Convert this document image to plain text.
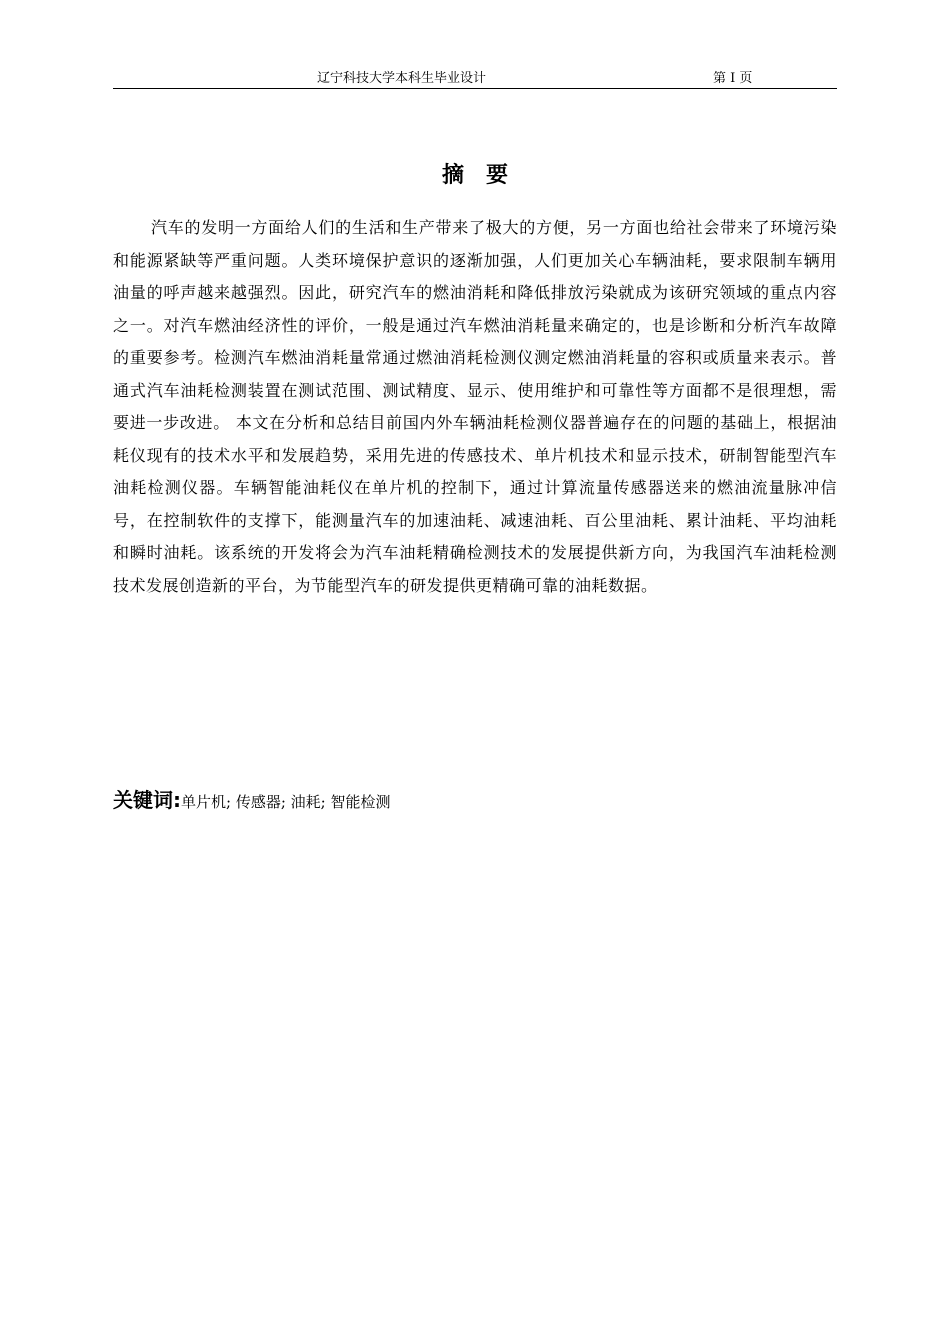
辽宁科技大学本科生毕业设计	第 I 页
摘要

汽车的发明一方面给人们的生活和生产带来了极大的方便，另一方面也给社会带来了环境污染和能源紧缺等严重问题。人类环境保护意识的逐渐加强，人们更加关心车辆油耗，要求限制车辆用油量的呼声越来越强烈。因此，研究汽车的燃油消耗和降低排放污染就成为该研究领域的重点内容之一。对汽车燃油经济性的评价，一般是通过汽车燃油消耗量来确定的，也是诊断和分析汽车故障的重要参考。检测汽车燃油消耗量常通过燃油消耗检测仪测定燃油消耗量的容积或质量来表示。普通式汽车油耗检测装置在测试范围、测试精度、显示、使用维护和可靠性等方面都不是很理想，需要进一步改进。 本文在分析和总结目前国内外车辆油耗检测仪器普遍存在的问题的基础上，根据油耗仪现有的技术水平和发展趋势，采用先进的传感技术、单片机技术和显示技术，研制智能型汽车油耗检测仪器。车辆智能油耗仪在单片机的控制下，通过计算流量传感器送来的燃油流量脉冲信号，在控制软件的支撑下，能测量汽车的加速油耗、减速油耗、百公里油耗、累计油耗、平均油耗和瞬时油耗。该系统的开发将会为汽车油耗精确检测技术的发展提供新方向，为我国汽车油耗检测技术发展创造新的平台，为节能型汽车的研发提供更精确可靠的油耗数据。

关键词:单片机; 传感器; 油耗; 智能检测
